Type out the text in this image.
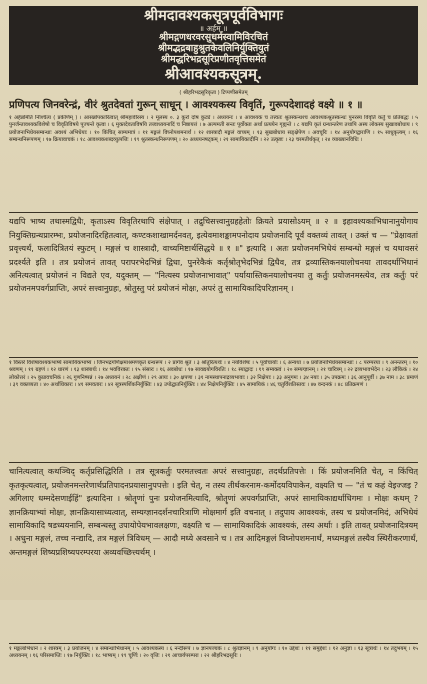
श्रीमदावश्यकसूत्रपूर्वविभागः
॥ अर्हम् ॥
श्रीमद्गणधरवरसुधर्मस्वामिविरचितं
श्रीमद्भद्रबाहुश्रुतकेवलिनिर्युक्तियुतं
श्रीमद्धरिभद्रसूरिप्रणीतवृत्तिसमेतं
श्रीआवश्यकसूत्रम्.
( श्रीहरिभद्रसूरिकृता ) टिप्पणीसमेतम्
प्रणिपत्य जिनवरेन्द्रं, वीरं श्रुतदेवतां गुरून् साधून् । आवश्यकस्य विवृतिं, गुरूपदेशादहं वक्ष्ये ॥ १ ॥

१ अर्हन्नमिति निश्चित्य ( प्रकीर्णम् ) । आसन्नोपकारित्वात् श्रीमहावीरस्य । २ मूलस्य ०. ३ कुरो दोष कुट्ये । अध्ययनः । ४ आवश्यकं च तत्त्वतः श्रुतस्कन्धश्च आवश्यकश्रुतस्कन्धः पुनरस्य विवृतिं कर्तुं च प्रतिबद्धः । ५ पुनर्जन्तावश्यकविशेषो च विवृतिविषये पूज्यन्ते कृत्वा । ६ मुक्तदेवताविषयि तत्त्वाध्ययनादिं च निष्ठायत्तं । ७ अल्पमती सन्तः पूर्वोक्ता अर्था प्रत्ययेन गृह्यन्ते । ८ यद्यपि कृतं ग्रन्थान्तरेण तथापि अस्य लोकस्य सुखावबोधाय । ९ प्रयोजनाभिधेयसम्बन्धाः अवश्यं अभिधेयाः । १० किंचित् साम्यमात्रं । ११ मङ्गलं विघ्नोपशमनार्थं । १२ शास्त्रादौ मङ्गलं वाच्यम् । १३ सुखबोधाय सङ्क्षेपेण । अवचूरिः । १४ अनुयोगद्वाराणि । १५ साधुकृत्यम् । १६ सम्बन्धनिरूपणम् । १७ क्रियावाचकं । १८ आवश्यकशब्दव्युत्पत्तिः । १९ श्रुतस्कन्धनिरूपणम् । २० अध्ययनषट्कम् । २१ सामायिकादीनि । २२ उत्कृष्टः । २३ चरमतीर्थकृत् । २४ व्याख्यानविधिः ।

यद्यपि भाष्य तथास्मद्विधैः, कृताऽस्य विवृतिरथापि संक्षेपात् । तद्रुचिसत्त्वानुग्रहहेतोः क्रियते प्रयासोऽयम् ॥ २ ॥ इहावश्यकाभिधानानुयोगाय नियुक्तिग्रन्थप्रारम्भः, प्रयोजनादिरहितत्वात्, कण्टकशाखामर्दनवत्, इत्येवमाशङ्कामपनोदाय प्रयोजनादि पूर्वं वक्तव्यं तावत् । उक्तं च — "प्रेक्षावतां प्रवृत्त्यर्थं, फलादित्रितयं स्फुटम् । मङ्गलं च शास्त्रादौ, वाच्यमिष्टार्थसिद्धये ॥ १ ॥" इत्यादि । अतः प्रयोजनमभिधेयं सम्बन्धो मङ्गलं च यथावसरं प्रदर्श्यते इति । तत्र प्रयोजनं तावत् परापरभेदभिन्नं द्विधा, पुनरेकैकं कर्तृश्रोतृभेदभिन्नं द्विधैव, तत्र द्रव्यास्तिकनयालोचनया तावदर्थाभिधानं अनित्यत्वात् प्रयोजनं न विद्यते एव, यदुक्तम्‌ — "नित्यस्य प्रयोजनाभावात्" पर्यायास्तिकनयालोचनया तु कर्तुः प्रयोजनमस्त्येव, तत्र कर्तुः परं प्रयोजनमपवर्गप्राप्तिः, अपरं सत्त्वानुग्रहः, श्रोतुस्तु परं प्रयोजनं मोक्षः, अपरं तु सामायिकादिपरिज्ञानम् ।

१ विस्तरे विशेषावश्यकभाष्ये सामायिकभाष्यं । जिनभद्रगणिक्षमाश्रमणकृतं ग्रन्थरूपं । २ प्रागेव श्रुतं । ३ श्रोतुरित्यर्थः । ४ नयविशेषः । ५ पूर्वाचार्याः । ६ अन्यथा । ७ प्रयोजनाभिधेयसम्बन्धाः । ८ परम्परया । ९ अनन्तरम् । १० श्रवणम् । ११ ग्रहणं । १२ धारणं । १३ शास्त्रार्थः । १४ भवविरक्तः । १५ संसारः । १६ अवबोधः । १७ सावद्ययोगविरतिः । १८ स्याद्वादः । १९ सम्यक्त्वं । २० सम्यग्ज्ञानम् । २१ चारित्रम् । २२ द्रव्यभावभेदेन । २३ लौकिकं । २४ लोकोत्तरं । २५ कुप्रावचनिकं । २६ गुणनिष्पन्नं । २७ अध्ययनं । २८ अक्षीणं । २९ आयः । ३० क्षपणा । ३१ नामस्थापनाद्रव्यभावाः । ३२ निक्षेपाः । ३३ अनुगमः । ३४ नयाः । ३५ उपक्रमः । ३६ आनुपूर्वी । ३७ नाम । ३८ प्रमाणं । ३९ वक्तव्यता । ४० अर्थाधिकारः । ४१ समवतारः । ४२ सूत्रस्पर्शिकनिर्युक्तिः । ४३ उपोद्घातनिर्युक्तिः । ४४ निक्षेपनिर्युक्तिः । ४५ सामायिकं । ४६ चतुर्विंशतिस्तवः । ४७ वन्दनकं । ४८ प्रतिक्रमणं ।

चानित्यत्वात्‌ कथञ्चिद्‌ कर्तृप्रसिद्धिरिति । तत्र सूत्रकर्तुः परमतत्त्वतः अपरं सत्त्वानुग्रहः, तदर्थप्रतिपत्तेः । किं प्रयोजनमिति चेत्‌, न किंचित्‌ कृतकृत्यत्वात्‌, प्रयोजनमन्तरेणार्थप्रतिपादनप्रयासानुपपत्तेः । इति चेत्‌, न तस्य तीर्थकरनाम-कर्मोदयविपाकेन, वक्ष्यति च — "तं च कहं वेइज्जइ ? अगिलाए धम्मदेसणाईहिं" इत्यादिना । श्रोतॄणां पुनः प्रयोजनमित्यादि, श्रोतॄणां अपवर्गप्राप्तिः, अपरं सामायिकाद्यर्थाधिगमः । मोक्षः कथम्‌ ? ज्ञानक्रियाभ्यां मोक्षः, ज्ञानक्रियासाध्यत्वात्‌, सम्यग्ज्ञानदर्शनचारित्राणि मोक्षमार्ग इति वचनात्‌ । तदुपाय आवश्यकं, तस्य च प्रयोजनमिदं, अभिधेयं सामायिकादि षडध्ययनानि, सम्बन्धस्तु उपायोपेयभावलक्षणः, वक्ष्यति च — सामायिकादिकं आवश्यकं, तस्य अर्थाः । इति तावत्‌ प्रयोजनादित्रयम्‌ । अधुना मङ्गलं, तच्च नन्द्यादि, तत्र मङ्गलं त्रिविधम्‌ — आदौ मध्ये अवसाने च । तत्र आदिमङ्गलं विघ्नोपशमनार्थं, मध्यमङ्गलं तस्यैव स्थिरीकरणार्थं, अन्तमङ्गलं शिष्यप्रशिष्यपरम्परया अव्यवच्छित्त्यर्थम्‌ ।

१ मङ्गलाभिधानं । २ शास्त्रम् । ३ प्रयोजनम् । ४ सम्बन्धाभिधानम् । ५ आवश्यकस्य । ६ नन्दीरूपं । ७ ज्ञानपञ्चकं । ८ श्रुतज्ञानम् । ९ अनुयोगः । १० उद्देशः । ११ समुद्देशः । १२ अनुज्ञा । १३ सूत्रार्थः । १४ तदुभयम् । १५ अध्ययनम् । १६ परिसमाप्तिः । १७ निर्युक्तिः । १८ भाष्यम् । १९ चूर्णिः । २० वृत्तिः । २१ आचार्यपरम्परा । २२ श्रीहरिभद्रसूरिः ।
